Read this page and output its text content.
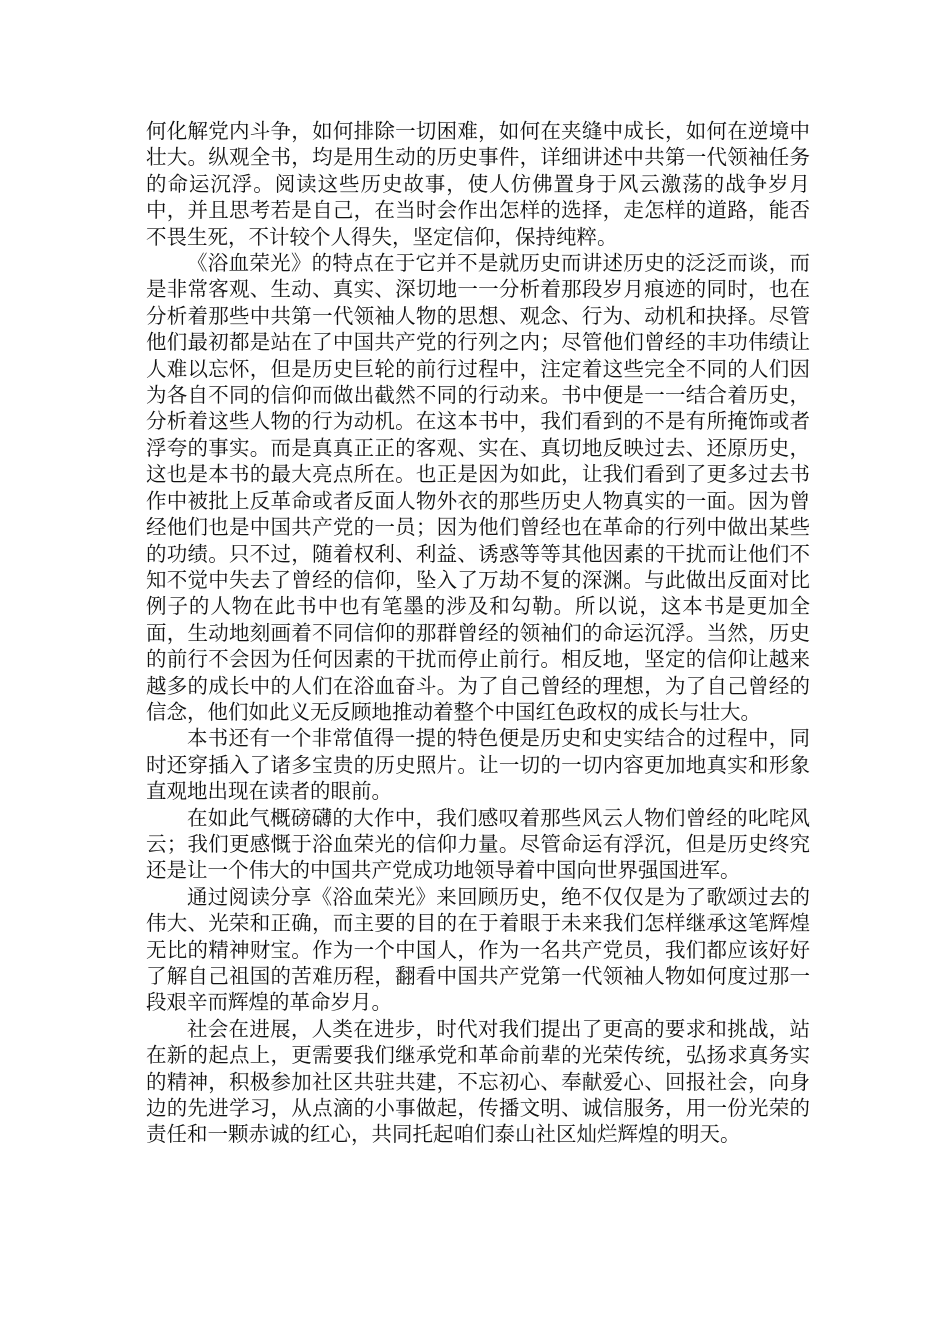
何化解党内斗争，如何排除一切困难，如何在夹缝中成长，如何在逆境中壮大。纵观全书，均是用生动的历史事件，详细讲述中共第一代领袖任务的命运沉浮。阅读这些历史故事，使人仿佛置身于风云激荡的战争岁月中，并且思考若是自己，在当时会作出怎样的选择，走怎样的道路，能否不畏生死，不计较个人得失，坚定信仰，保持纯粹。

《浴血荣光》的特点在于它并不是就历史而讲述历史的泛泛而谈，而是非常客观、生动、真实、深切地一一分析着那段岁月痕迹的同时，也在分析着那些中共第一代领袖人物的思想、观念、行为、动机和抉择。尽管他们最初都是站在了中国共产党的行列之内；尽管他们曾经的丰功伟绩让人难以忘怀，但是历史巨轮的前行过程中，注定着这些完全不同的人们因为各自不同的信仰而做出截然不同的行动来。书中便是一一结合着历史，分析着这些人物的行为动机。在这本书中，我们看到的不是有所掩饰或者浮夸的事实。而是真真正正的客观、实在、真切地反映过去、还原历史，这也是本书的最大亮点所在。也正是因为如此，让我们看到了更多过去书作中被批上反革命或者反面人物外衣的那些历史人物真实的一面。因为曾经他们也是中国共产党的一员；因为他们曾经也在革命的行列中做出某些的功绩。只不过，随着权利、利益、诱惑等等其他因素的干扰而让他们不知不觉中失去了曾经的信仰，坠入了万劫不复的深渊。与此做出反面对比例子的人物在此书中也有笔墨的涉及和勾勒。所以说，这本书是更加全面，生动地刻画着不同信仰的那群曾经的领袖们的命运沉浮。当然，历史的前行不会因为任何因素的干扰而停止前行。相反地，坚定的信仰让越来越多的成长中的人们在浴血奋斗。为了自己曾经的理想，为了自己曾经的信念，他们如此义无反顾地推动着整个中国红色政权的成长与壮大。

本书还有一个非常值得一提的特色便是历史和史实结合的过程中，同时还穿插入了诸多宝贵的历史照片。让一切的一切内容更加地真实和形象直观地出现在读者的眼前。

在如此气概磅礴的大作中，我们感叹着那些风云人物们曾经的叱咤风云；我们更感慨于浴血荣光的信仰力量。尽管命运有浮沉，但是历史终究还是让一个伟大的中国共产党成功地领导着中国向世界强国进军。

通过阅读分享《浴血荣光》来回顾历史，绝不仅仅是为了歌颂过去的伟大、光荣和正确，而主要的目的在于着眼于未来我们怎样继承这笔辉煌无比的精神财宝。作为一个中国人，作为一名共产党员，我们都应该好好了解自己祖国的苦难历程，翻看中国共产党第一代领袖人物如何度过那一段艰辛而辉煌的革命岁月。

社会在进展，人类在进步，时代对我们提出了更高的要求和挑战，站在新的起点上，更需要我们继承党和革命前辈的光荣传统，弘扬求真务实的精神，积极参加社区共驻共建，不忘初心、奉献爱心、回报社会，向身边的先进学习，从点滴的小事做起，传播文明、诚信服务，用一份光荣的责任和一颗赤诚的红心，共同托起咱们泰山社区灿烂辉煌的明天。
